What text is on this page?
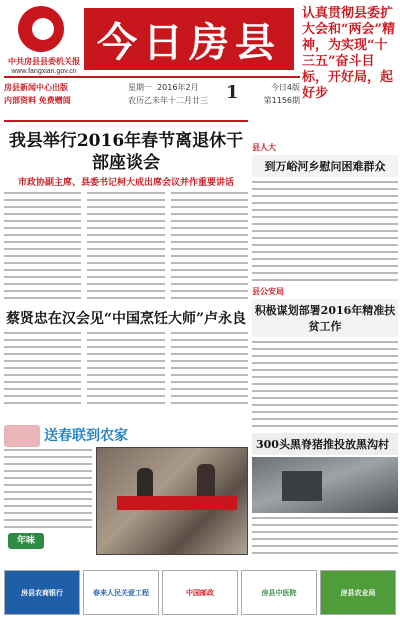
中共房县县委机关报
www.fangxian.gov.cn
今日房县
认真贯彻县委扩大会和“两会”精神，为实现“十三五”奋斗目标，开好局，起好步
房县新闻中心出版
内部资料 免费赠阅
星期一 2016年2月
农历乙未年十二月廿三	1	今日4版
第1156期
我县举行2016年春节离退休干部座谈会
市政协副主席、县委书记柯大成出席会议并作重要讲话
蔡贤忠在汉会见“中国烹饪大师”卢永良
县人大
到万峪河乡慰问困难群众
县公安局
积极谋划部署2016年精准扶贫工作
300头黑脊猪推投放黑沟村
送春联到农家
年味
房县农商银行	春来人民关爱工程	中国邮政	房县中医院	房县农业局
